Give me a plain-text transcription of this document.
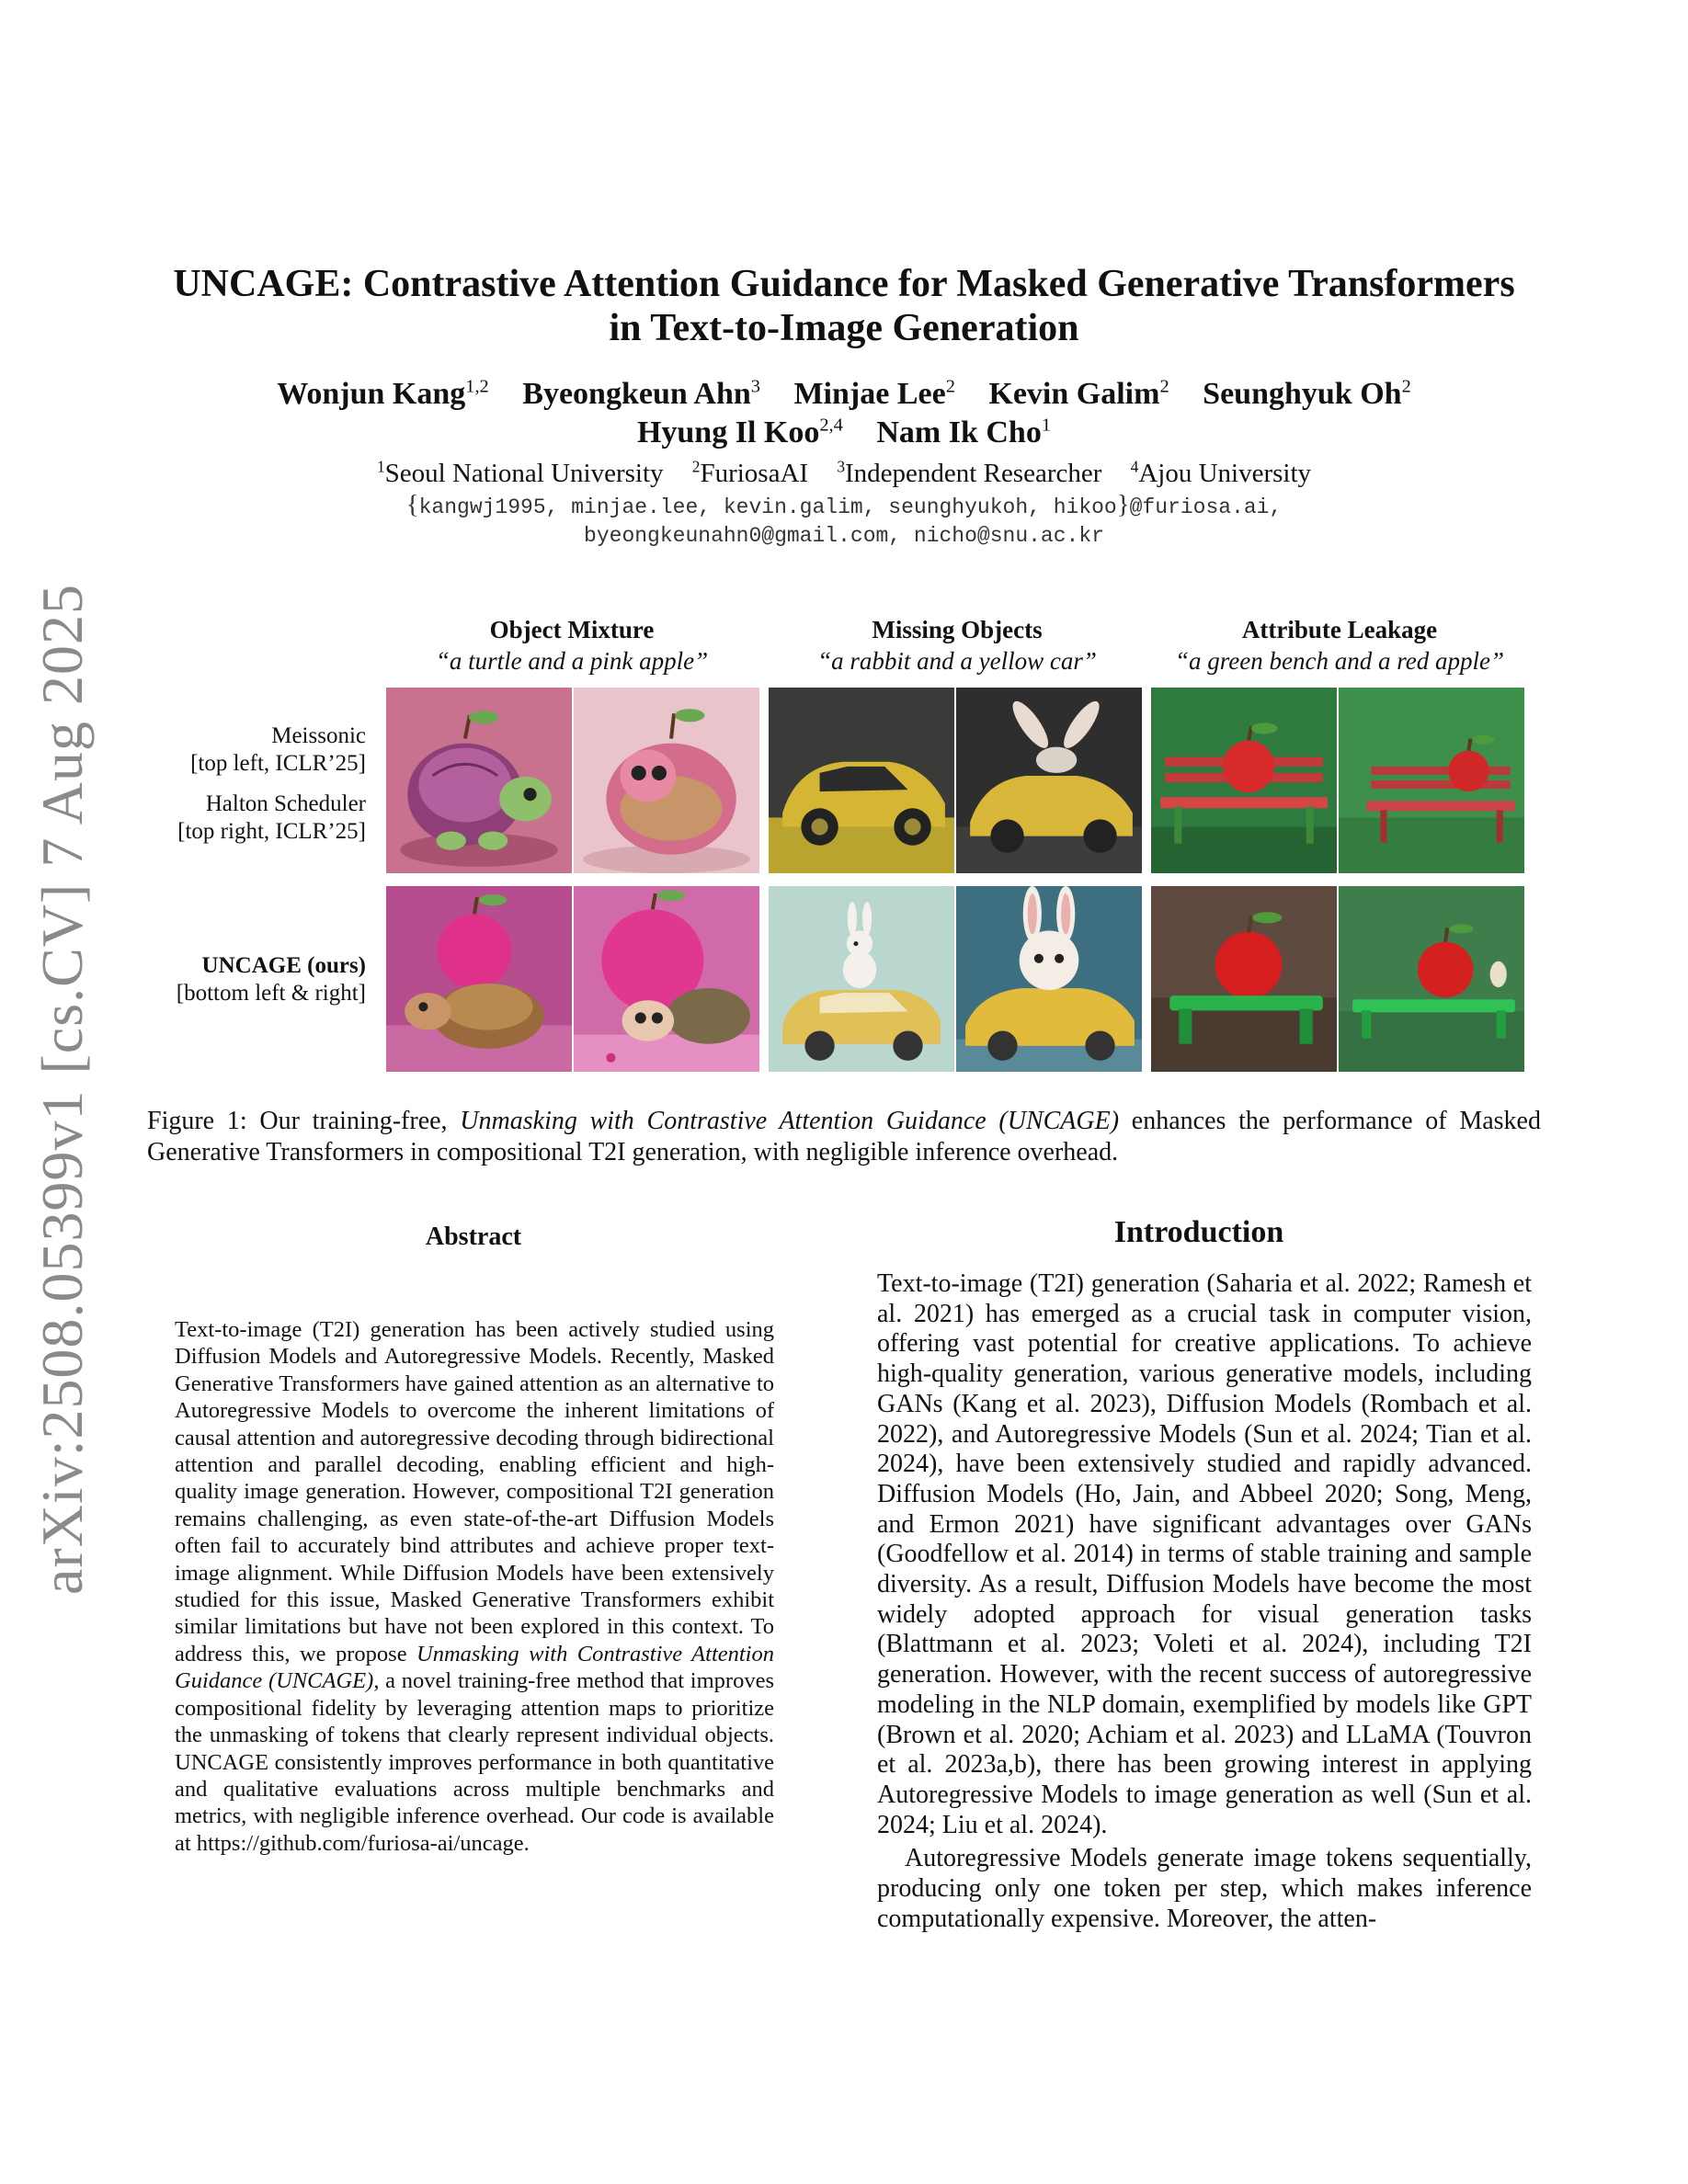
arXiv:2508.05399v1 [cs.CV] 7 Aug 2025
UNCAGE: Contrastive Attention Guidance for Masked Generative Transformers
in Text-to-Image Generation
Wonjun Kang$^{1,2}$ Byeongkeun Ahn$^3$ Minjae Lee$^2$ Kevin Galim$^2$ Seunghyuk Oh$^2$
Hyung Il Koo$^{2,4}$ Nam Ik Cho$^1$
$^1$Seoul National University $^2$FuriosaAI $^3$Independent Researcher $^4$Ajou University
{kangwj1995, minjae.lee, kevin.galim, seunghyukoh, hikoo}@furiosa.ai,
byeongkeunahn0@gmail.com, nicho@snu.ac.kr
Object Mixture
“a turtle and a pink apple”
Missing Objects
“a rabbit and a yellow car”
Attribute Leakage
“a green bench and a red apple”
Meissonic
[top left, ICLR’25]
Halton Scheduler
[top right, ICLR’25]
UNCAGE (ours)
[bottom left & right]
Figure 1: Our training-free, Unmasking with Contrastive Attention Guidance (UNCAGE) enhances the performance of Masked Generative Transformers in compositional T2I generation, with negligible inference overhead.
Abstract
Text-to-image (T2I) generation has been actively studied using Diffusion Models and Autoregressive Models. Recently, Masked Generative Transformers have gained attention as an alternative to Autoregressive Models to overcome the inherent limitations of causal attention and autoregressive decoding through bidirectional attention and parallel decoding, enabling efficient and high-quality image generation. However, compositional T2I generation remains challenging, as even state-of-the-art Diffusion Models often fail to accurately bind attributes and achieve proper text-image alignment. While Diffusion Models have been extensively studied for this issue, Masked Generative Transformers exhibit similar limitations but have not been explored in this context. To address this, we propose Unmasking with Contrastive Attention Guidance (UNCAGE), a novel training-free method that improves compositional fidelity by leveraging attention maps to prioritize the unmasking of tokens that clearly represent individual objects. UNCAGE consistently improves performance in both quantitative and qualitative evaluations across multiple benchmarks and metrics, with negligible inference overhead. Our code is available at https://github.com/furiosa-ai/uncage.
Introduction

Text-to-image (T2I) generation (Saharia et al. 2022; Ramesh et al. 2021) has emerged as a crucial task in computer vision, offering vast potential for creative applications. To achieve high-quality generation, various generative models, including GANs (Kang et al. 2023), Diffusion Models (Rombach et al. 2022), and Autoregressive Models (Sun et al. 2024; Tian et al. 2024), have been extensively studied and rapidly advanced. Diffusion Models (Ho, Jain, and Abbeel 2020; Song, Meng, and Ermon 2021) have significant advantages over GANs (Goodfellow et al. 2014) in terms of stable training and sample diversity. As a result, Diffusion Models have become the most widely adopted approach for visual generation tasks (Blattmann et al. 2023; Voleti et al. 2024), including T2I generation. However, with the recent success of autoregressive modeling in the NLP domain, exemplified by models like GPT (Brown et al. 2020; Achiam et al. 2023) and LLaMA (Touvron et al. 2023a,b), there has been growing interest in applying Autoregressive Models to image generation as well (Sun et al. 2024; Liu et al. 2024).

Autoregressive Models generate image tokens sequentially, producing only one token per step, which makes inference computationally expensive. Moreover, the atten-
